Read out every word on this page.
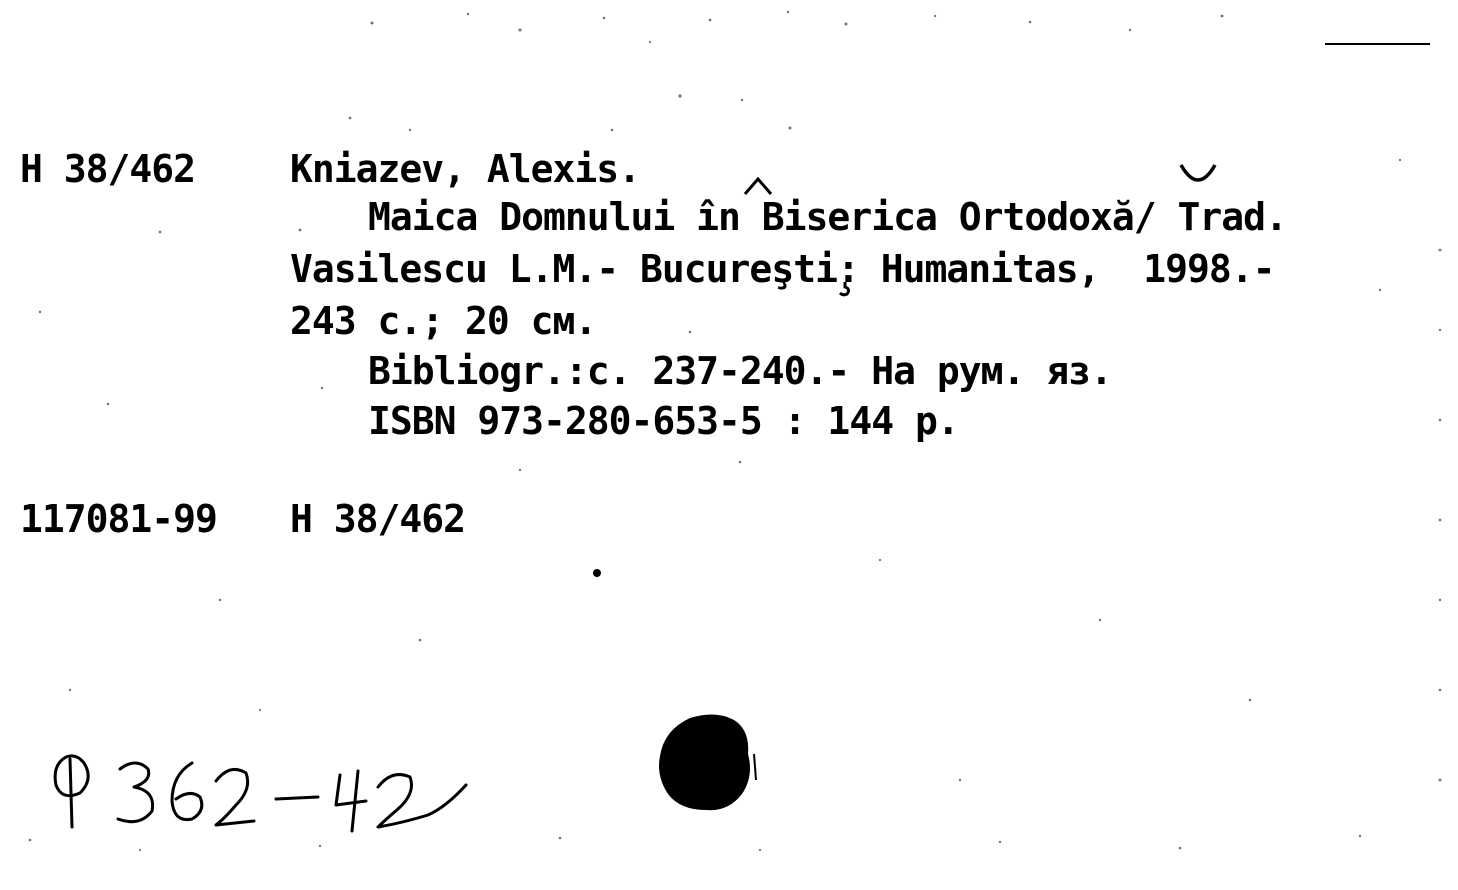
Н 38/462 Kniazev, Alexis.
Maica Domnului în Biserica Ortodoxă/ Trad.
Vasilescu L.M.- Bucureşti: Humanitas,  1998.-
243 с.; 20 см.
Bibliogr.:c. 237-240.- На рум. яз.
ISBN 973-280-653-5 : 144 р.
117081-99 Н 38/462
